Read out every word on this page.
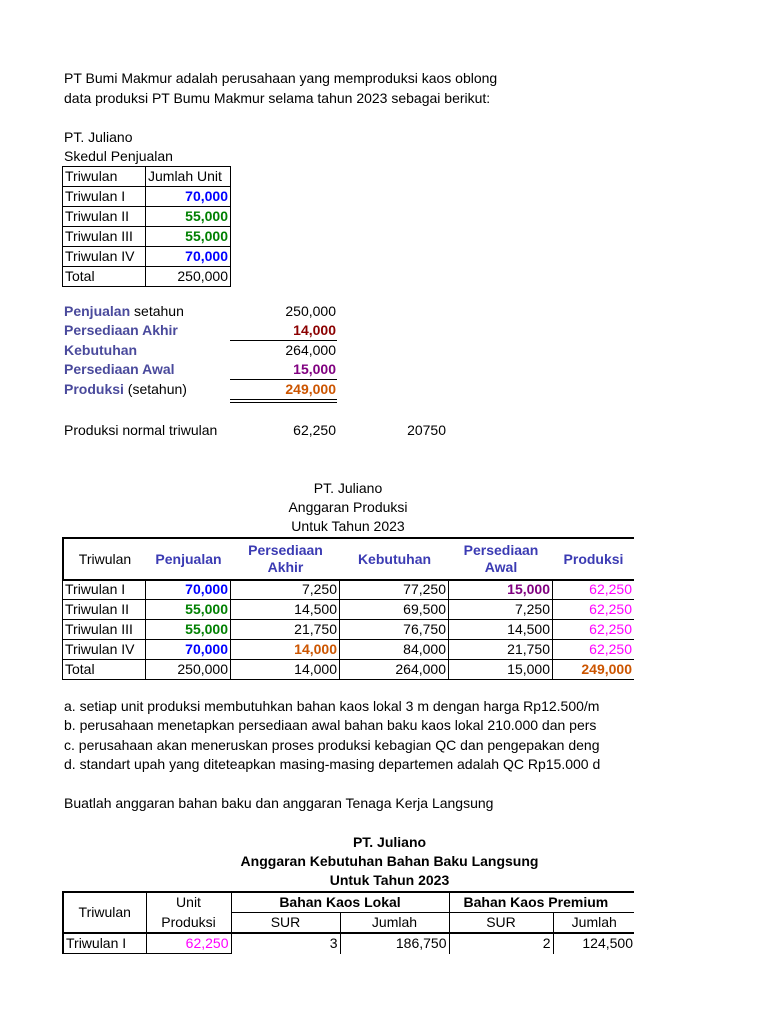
PT Bumi Makmur adalah perusahaan yang memproduksi kaos oblong
data produksi PT Bumu Makmur selama tahun 2023 sebagai berikut:
PT. Juliano
Skedul Penjualan
Triwulan	Jumlah Unit
Triwulan I	70,000
Triwulan II	55,000
Triwulan III	55,000
Triwulan IV	70,000
Total	250,000
Penjualan setahun	250,000
Persediaan Akhir	14,000
Kebutuhan	264,000
Persediaan Awal	15,000
Produksi (setahun)	249,000
Produksi normal triwulan	62,250	20750
PT. Juliano
Anggaran Produksi
Untuk Tahun 2023
Triwulan	Penjualan	Persediaan Akhir	Kebutuhan	Persediaan Awal	Produksi
Triwulan I	70,000	7,250	77,250	15,000	62,250
Triwulan II	55,000	14,500	69,500	7,250	62,250
Triwulan III	55,000	21,750	76,750	14,500	62,250
Triwulan IV	70,000	14,000	84,000	21,750	62,250
Total	250,000	14,000	264,000	15,000	249,000
a. setiap unit produksi membutuhkan bahan kaos lokal 3 m dengan harga Rp12.500/m
b. perusahaan menetapkan persediaan awal bahan baku kaos lokal 210.000 dan pers
c. perusahaan akan meneruskan proses produksi kebagian QC dan pengepakan deng
d. standart upah yang diteteapkan masing-masing departemen adalah QC Rp15.000 d
Buatlah anggaran bahan baku dan anggaran Tenaga Kerja Langsung
PT. Juliano
Anggaran Kebutuhan Bahan Baku Langsung
Untuk Tahun 2023
Triwulan	Unit	Bahan Kaos Lokal		Bahan Kaos Premium		
	Produksi	SUR	Jumlah	SUR	Jumlah	
Triwulan I	62,250	3	186,750	2	124,500	
